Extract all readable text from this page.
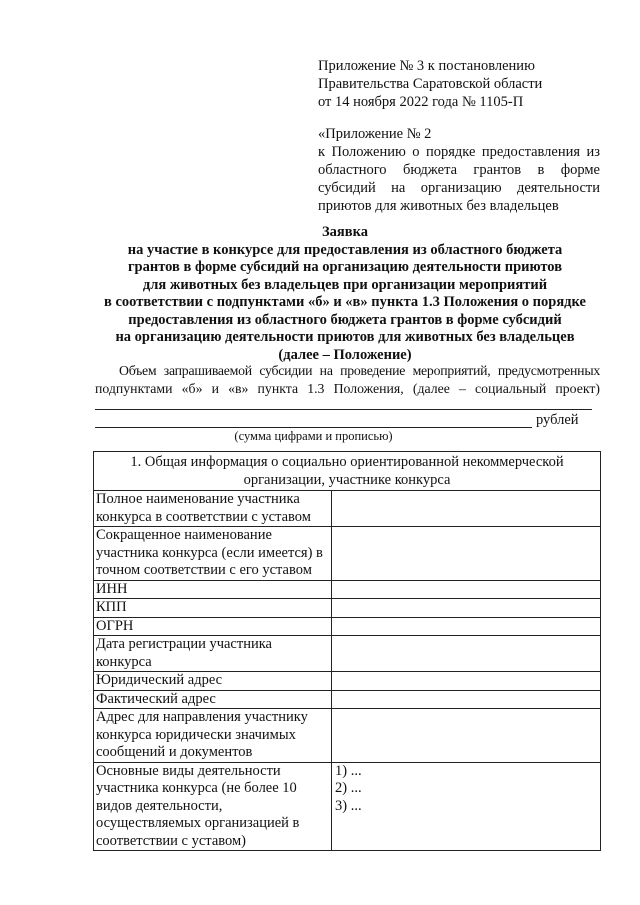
Приложение № 3 к постановлению
Правительства Саратовской области
от 14 ноября 2022 года № 1105-П
«Приложение № 2
к Положению о порядке предоставления из областного бюджета грантов в форме субсидий на организацию деятельности приютов для животных без владельцев
Заявка
на участие в конкурсе для предоставления из областного бюджета
грантов в форме субсидий на организацию деятельности приютов
для животных без владельцев при организации мероприятий
в соответствии с подпунктами «б» и «в» пункта 1.3 Положения о порядке
предоставления из областного бюджета грантов в форме субсидий
на организацию деятельности приютов для животных без владельцев
(далее – Положение)
Объем запрашиваемой субсидии на проведение мероприятий, предусмотренных
подпунктами «б» и «в» пункта 1.3 Положения, (далее – социальный проект)
рублей
(сумма цифрами и прописью)
1. Общая информация о социально ориентированной некоммерческой организации, участнике конкурса	
Полное наименование участника конкурса в соответствии с уставом	
Сокращенное наименование участника конкурса (если имеется) в точном соответствии с его уставом	
ИНН	
КПП	
ОГРН	
Дата регистрации участника конкурса	
Юридический адрес	
Фактический адрес	
Адрес для направления участнику конкурса юридически значимых сообщений и документов	
Основные виды деятельности участника конкурса (не более 10 видов деятельности, осуществляемых организацией в соответствии с уставом)	1) ...
2) ...
3) ...
